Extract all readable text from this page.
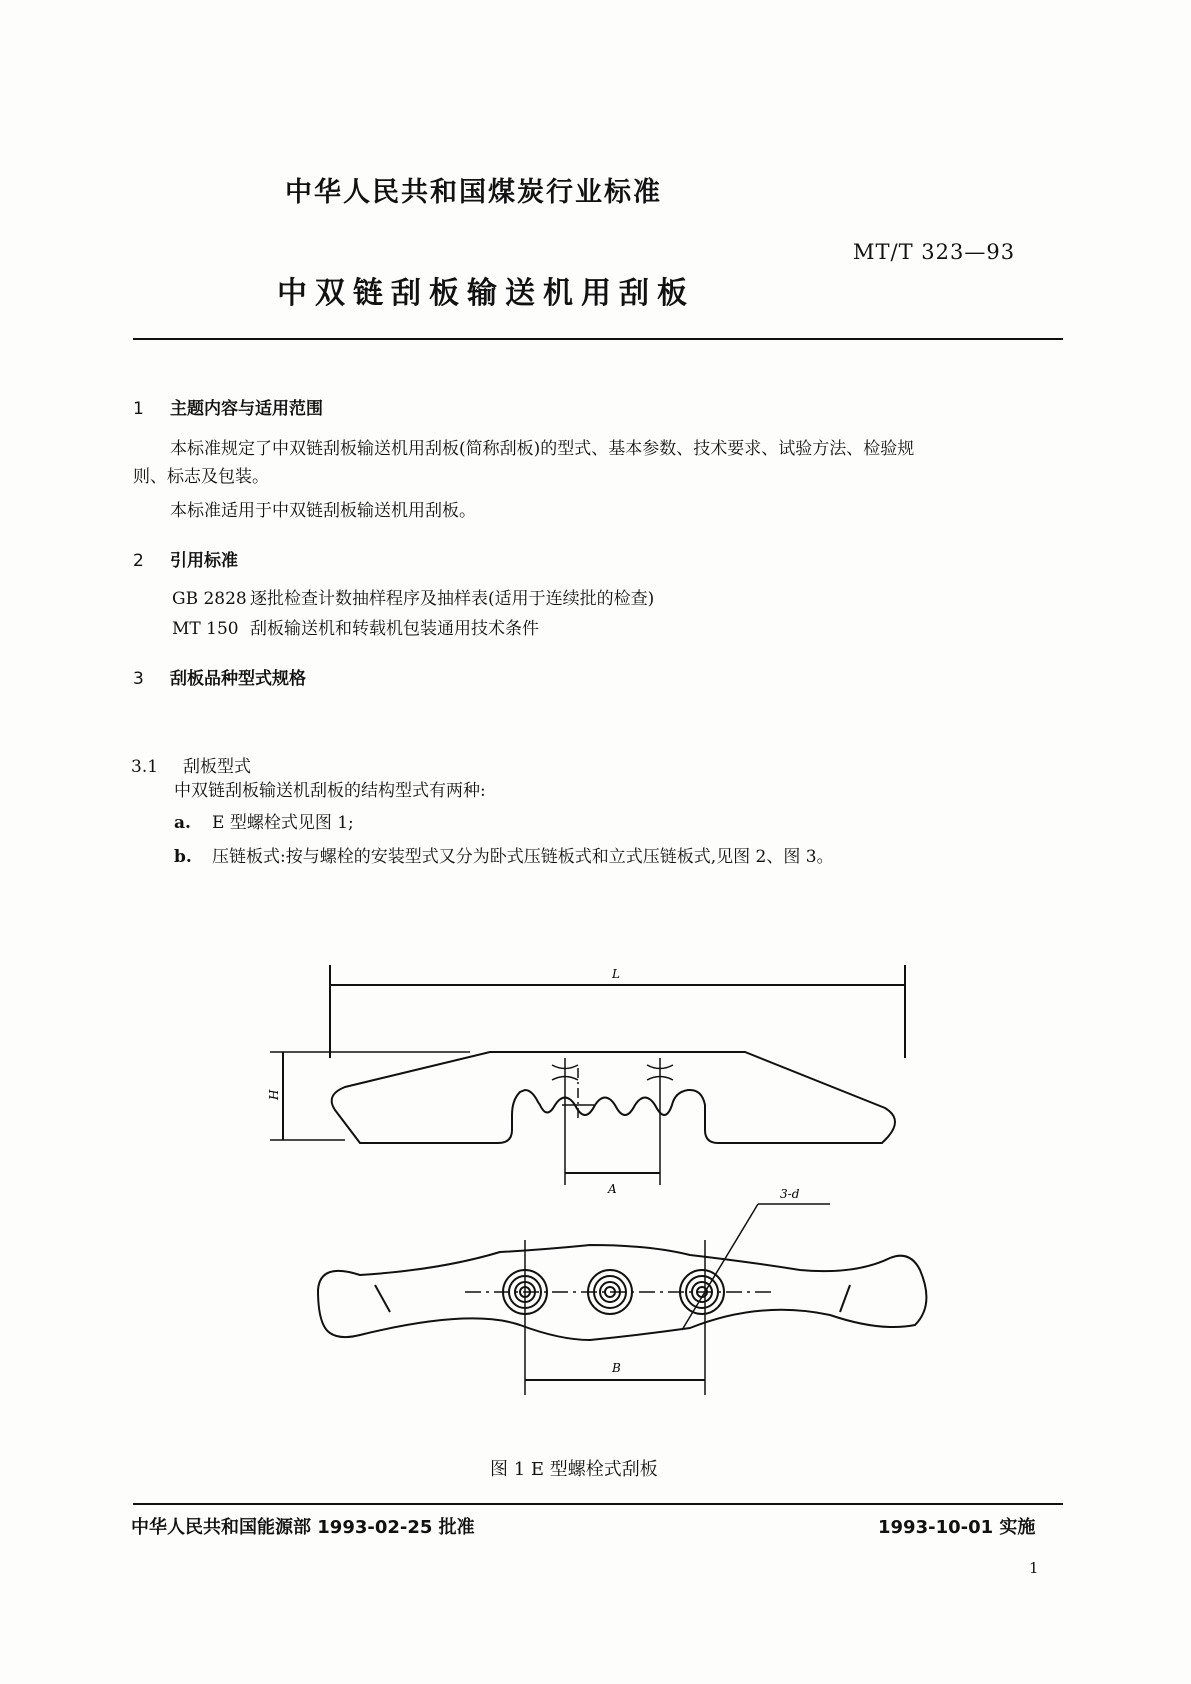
中华人民共和国煤炭行业标准
MT/T 323—93
中双链刮板输送机用刮板
1 主题内容与适用范围
本标准规定了中双链刮板输送机用刮板(简称刮板)的型式、基本参数、技术要求、试验方法、检验规
则、标志及包装。
本标准适用于中双链刮板输送机用刮板。
2 引用标准
GB 2828 逐批检查计数抽样程序及抽样表(适用于连续批的检查)
MT 150 刮板输送机和转载机包装通用技术条件
3 刮板品种型式规格
3.1 刮板型式
中双链刮板输送机刮板的结构型式有两种:
a. E 型螺栓式见图 1;
b. 压链板式:按与螺栓的安装型式又分为卧式压链板式和立式压链板式,见图 2、图 3。
L
H
A
B
3-d
图 1 E 型螺栓式刮板
中华人民共和国能源部 1993-02-25 批准	1993-10-01 实施
1
